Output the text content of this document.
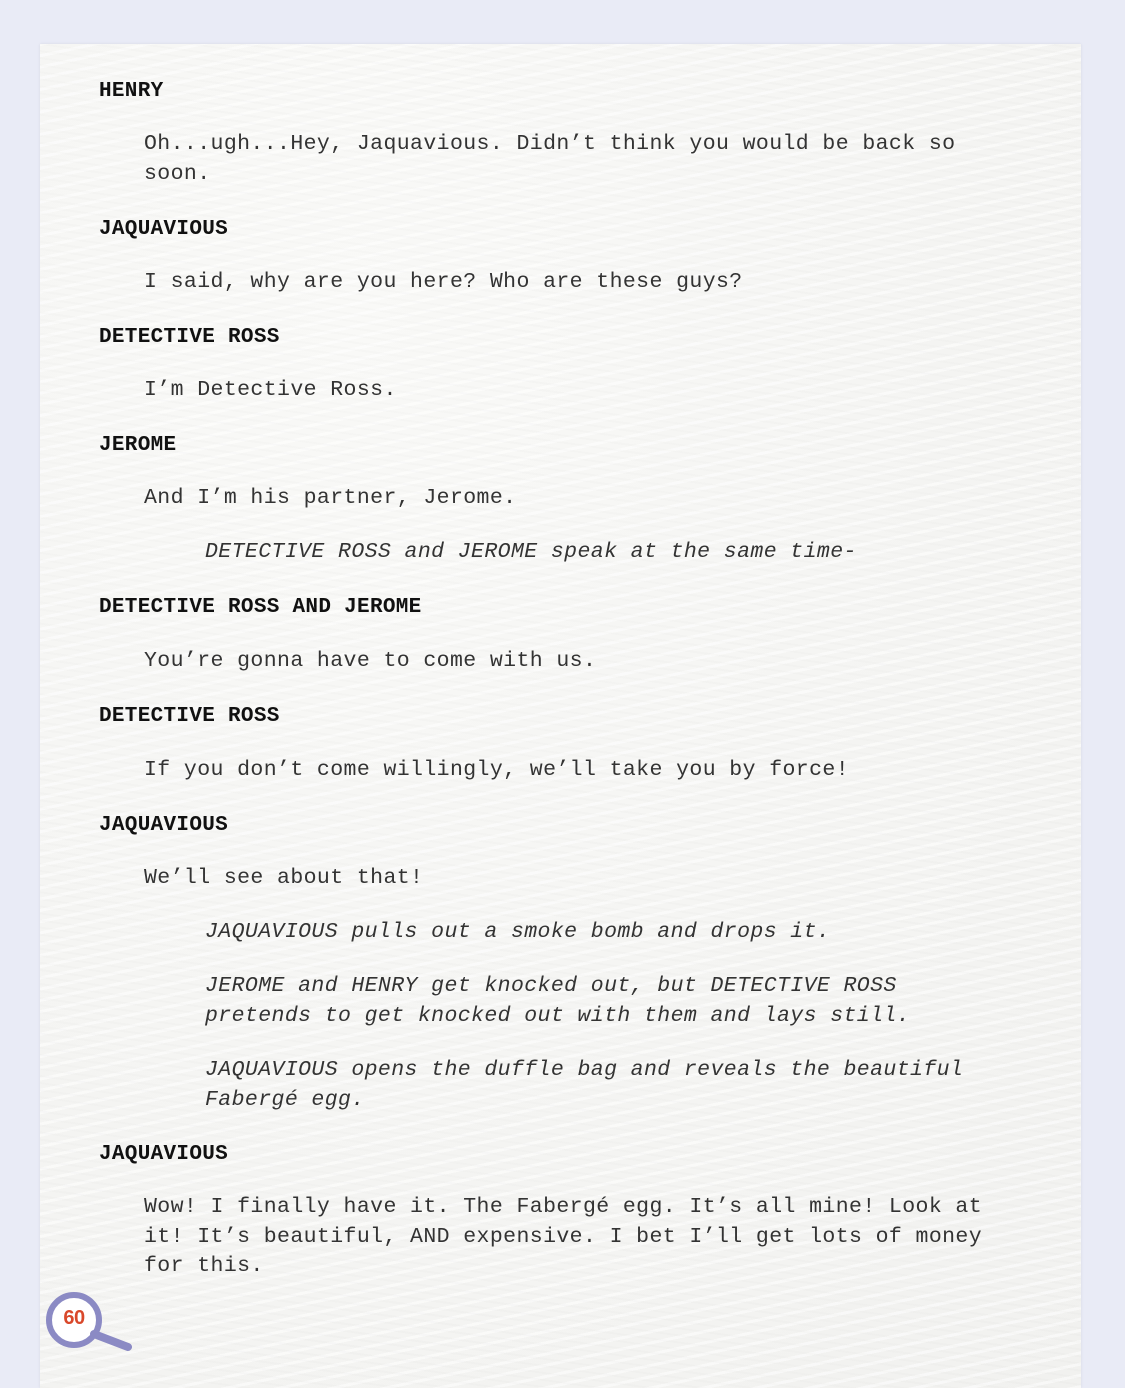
HENRY

Oh...ugh...Hey, Jaquavious. Didn’t think you would be back so soon.

JAQUAVIOUS

I said, why are you here? Who are these guys?

DETECTIVE ROSS

I’m Detective Ross.

JEROME

And I’m his partner, Jerome.

DETECTIVE ROSS and JEROME speak at the same time-

DETECTIVE ROSS AND JEROME

You’re gonna have to come with us.

DETECTIVE ROSS

If you don’t come willingly, we’ll take you by force!

JAQUAVIOUS

We’ll see about that!

JAQUAVIOUS pulls out a smoke bomb and drops it.

JEROME and HENRY get knocked out, but DETECTIVE ROSS pretends to get knocked out with them and lays still.

JAQUAVIOUS opens the duffle bag and reveals the beautiful Fabergé egg.

JAQUAVIOUS

Wow! I finally have it. The Fabergé egg. It’s all mine! Look at it! It’s beautiful, AND expensive. I bet I’ll get lots of money for this.

60
